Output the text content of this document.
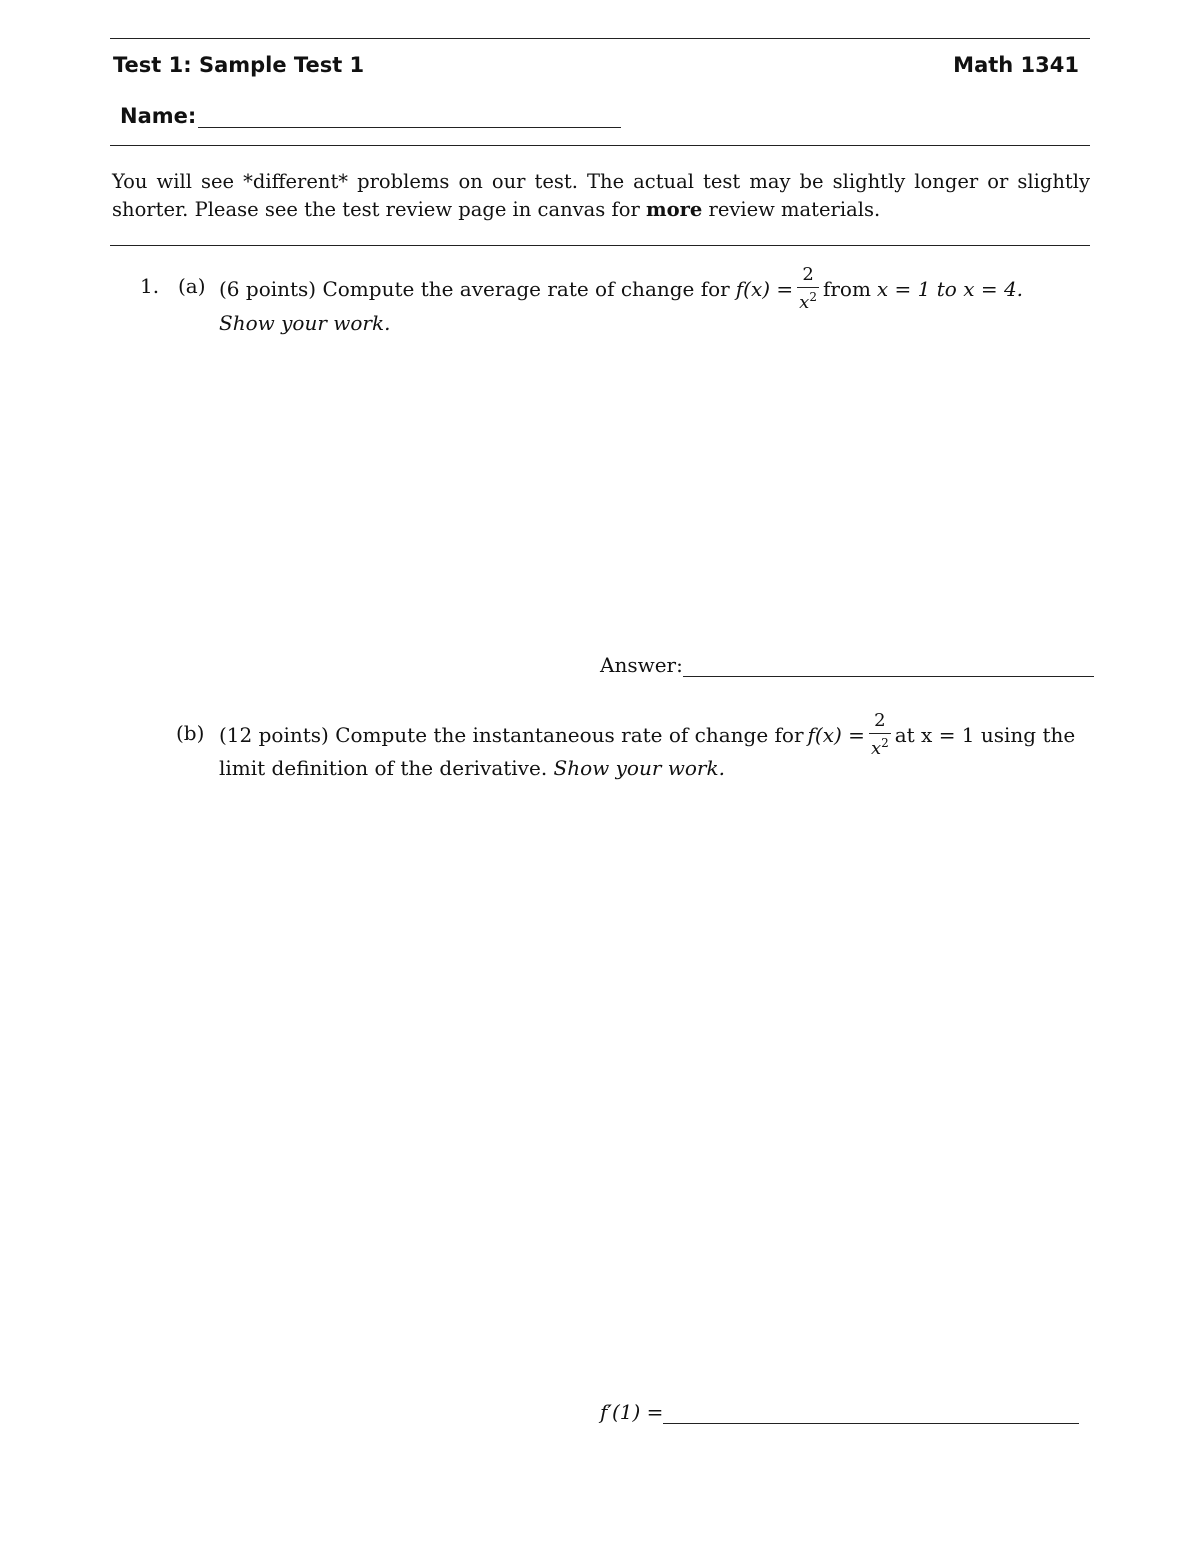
Test 1: Sample Test 1	Math 1341
Name:
You will see *different* problems on our test. The actual test may be slightly longer or slightly shorter. Please see the test review page in canvas for more review materials.
1. (a) (6 points) Compute the average rate of change for $f(x) = \frac{2}{x^2}$ from x = 1 to x = 4.
Show your work.
Answer:
(b) (12 points) Compute the instantaneous rate of change for $f(x) = \frac{2}{x^2}$ at x = 1 using the
limit definition of the derivative. Show your work.
f′(1) =
